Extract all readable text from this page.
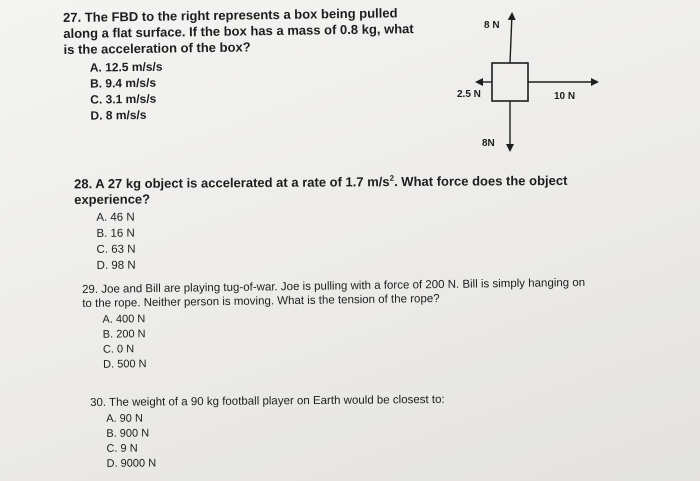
27. The FBD to the right represents a box being pulled along a flat surface. If the box has a mass of 0.8 kg, what is the acceleration of the box?
A. 12.5 m/s/s
B. 9.4 m/s/s
C. 3.1 m/s/s
D. 8 m/s/s
8 N
2.5 N	10 N
8N
28. A 27 kg object is accelerated at a rate of 1.7 $m/s^2$. What force does the object experience?
A. 46 N
B. 16 N
C. 63 N
D. 98 N
29. Joe and Bill are playing tug-of-war. Joe is pulling with a force of 200 N. Bill is simply hanging on to the rope. Neither person is moving. What is the tension of the rope?
A. 400 N
B. 200 N
C. 0 N
D. 500 N
30. The weight of a 90 kg football player on Earth would be closest to:
A. 90 N
B. 900 N
C. 9 N
D. 9000 N
